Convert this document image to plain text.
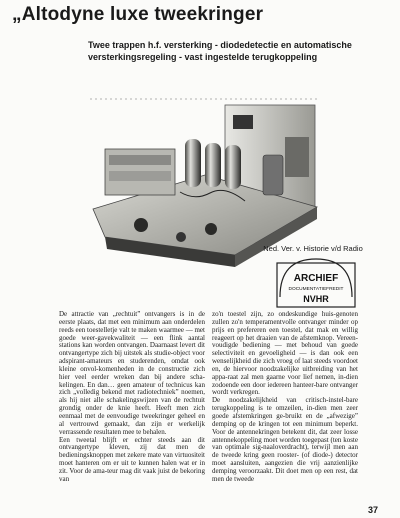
„Altodyne luxe tweekringer
Twee trappen h.f. versterking - diodedetectie en automatische versterkingsregeling - vast ingestelde terugkoppeling
Ned. Ver. v. Historie v/d Radio
ARCHIEF
DOCUMENTATIEFREDIT
NVHR

De attractie van „rechtuit” ontvangers is in de eerste plaats, dat met een minimum aan onderdelen reeds een toestelletje valt te maken waarmee — met goede weer-gavekwaliteit — een flink aantal stations kan worden ontvangen. Daarnaast levert dit ontvangertype zich bij uitstek als studie-object voor adspirant-amateurs en studerenden, omdat ook kleine onvol-komenheden in de constructie zich hier veel eerder wreken dan bij andere scha-kelingen. En dan… geen amateur of technicus kan zich „volledig bekend met radiotechniek” noemen, als hij niet alle schakelingswijzen van de rechtuit grondig onder de knie heeft. Heeft men zich eenmaal met de eenvoudige tweekringer geheel en al vertrouwd gemaakt, dan zijn er werkelijk verrassende resultaten mee te behalen.

Een tweetal blijft er echter steeds aan dit ontvangertype kleven, zij dat men de bedieningsknoppen met zekere mate van virtuositeit moet hanteren om er uit te kunnen halen wat er in zit. Voor de ama-teur mag dit vaak juist de bekoring van

zo'n toestel zijn, zo ondeskundige huis-genoten zullen zo'n temperamentvolle ontvanger minder op prijs en prefereren een toestel, dat mak en willig reageert op het draaien van de afstemknop. Vereen-voudigde bediening — met behoud van goede selectiviteit en gevoeligheid — is dan ook een wenselijkheid die zich vroeg of laat steeds voordoet en, de hiervoor noodzakelijke uitbreiding van het appa-raat zal men gaarne voor lief nemen, in-dien zodoende een door iedereen hanteer-bare ontvanger wordt verkregen.

De noodzakelijkheid van critisch-instel-bare terugkoppeling is te omzeilen, in-dien men zeer goede afstemkringen ge-bruikt en de „afwezige” demping op de kringen tot een minimum beperkt. Voor de antennekringen betekent dit, dat zeer losse antennekoppeling moet worden toegepast (ten koste van optimale sig-naaloverdracht), terwijl men aan de tweede kring geen rooster- (of diode-) detector moet aansluiten, aangezien die vrij aanzienlijke demping veroorzaakt. Dit doet men op een rest, dat men de tweede

37
